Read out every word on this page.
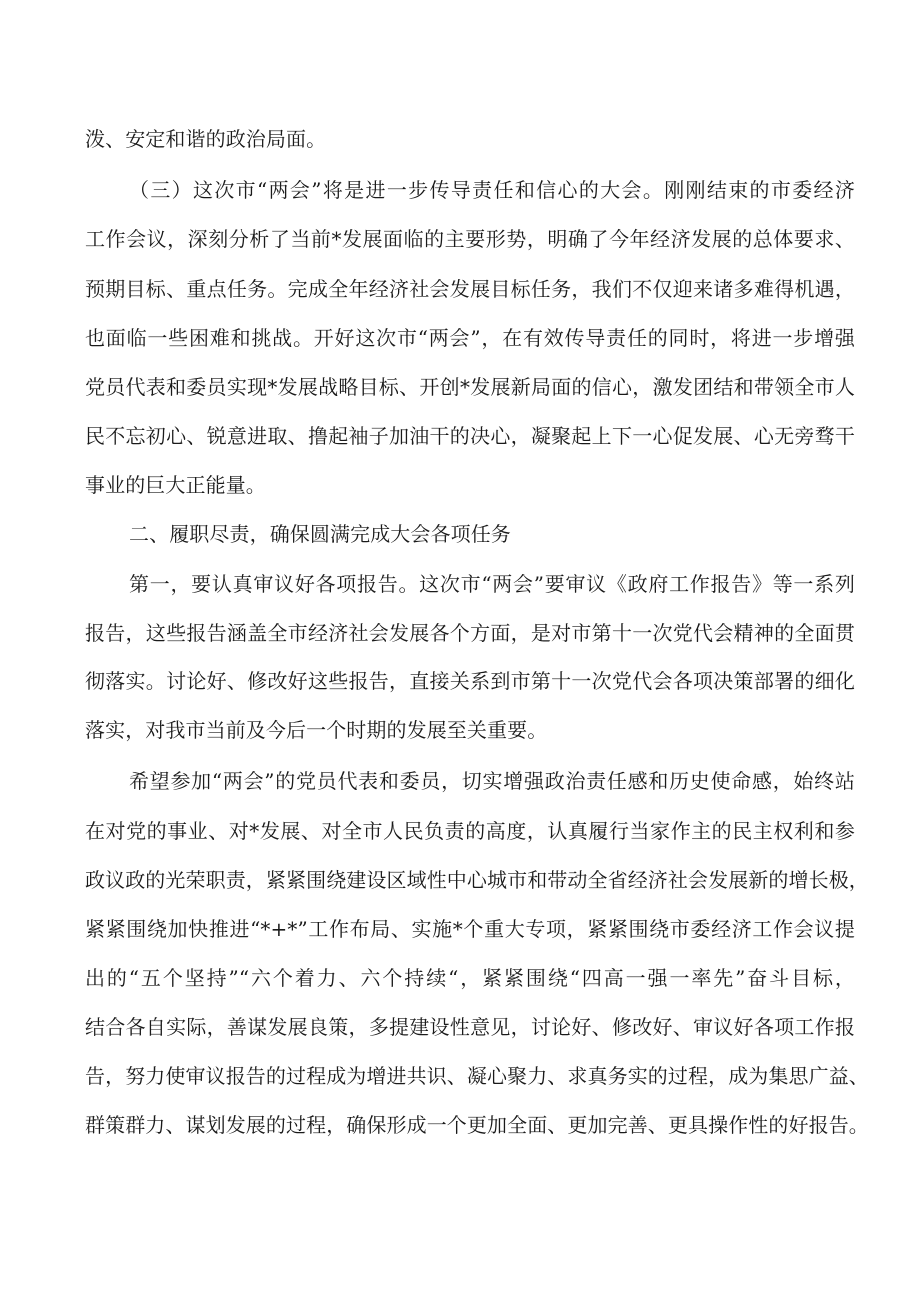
泼、安定和谐的政治局面。
（三）这次市“两会”将是进一步传导责任和信心的大会。刚刚结束的市委经济
工作会议，深刻分析了当前*发展面临的主要形势，明确了今年经济发展的总体要求、
预期目标、重点任务。完成全年经济社会发展目标任务，我们不仅迎来诸多难得机遇，
也面临一些困难和挑战。开好这次市“两会”，在有效传导责任的同时，将进一步增强
党员代表和委员实现*发展战略目标、开创*发展新局面的信心，激发团结和带领全市人
民不忘初心、锐意进取、撸起袖子加油干的决心，凝聚起上下一心促发展、心无旁骛干
事业的巨大正能量。
二、履职尽责，确保圆满完成大会各项任务
第一，要认真审议好各项报告。这次市“两会”要审议《政府工作报告》等一系列
报告，这些报告涵盖全市经济社会发展各个方面，是对市第十一次党代会精神的全面贯
彻落实。讨论好、修改好这些报告，直接关系到市第十一次党代会各项决策部署的细化
落实，对我市当前及今后一个时期的发展至关重要。
希望参加“两会”的党员代表和委员，切实增强政治责任感和历史使命感，始终站
在对党的事业、对*发展、对全市人民负责的高度，认真履行当家作主的民主权利和参
政议政的光荣职责，紧紧围绕建设区域性中心城市和带动全省经济社会发展新的增长极，
紧紧围绕加快推进“*+*”工作布局、实施*个重大专项，紧紧围绕市委经济工作会议提
出的“五个坚持”“六个着力、六个持续“，紧紧围绕“四高一强一率先”奋斗目标，
结合各自实际，善谋发展良策，多提建设性意见，讨论好、修改好、审议好各项工作报
告，努力使审议报告的过程成为增进共识、凝心聚力、求真务实的过程，成为集思广益、
群策群力、谋划发展的过程，确保形成一个更加全面、更加完善、更具操作性的好报告。
